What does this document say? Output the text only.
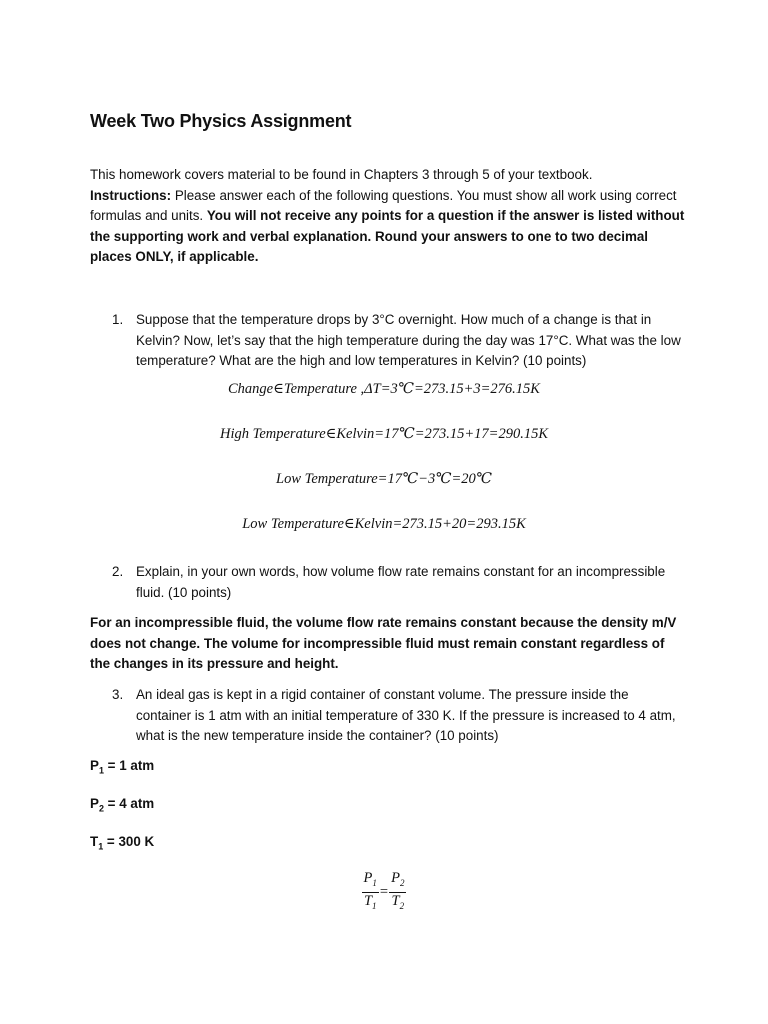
Week Two Physics Assignment
This homework covers material to be found in Chapters 3 through 5 of your textbook.
Instructions: Please answer each of the following questions. You must show all work using correct formulas and units. You will not receive any points for a question if the answer is listed without the supporting work and verbal explanation. Round your answers to one to two decimal places ONLY, if applicable.
1. Suppose that the temperature drops by 3°C overnight. How much of a change is that in Kelvin? Now, let’s say that the high temperature during the day was 17°C. What was the low temperature? What are the high and low temperatures in Kelvin? (10 points)
Change∈Temperature ,ΔT=3℃=273.15+3=276.15K
High Temperature∈Kelvin=17℃=273.15+17=290.15K
Low Temperature=17℃−3℃=20℃
Low Temperature∈Kelvin=273.15+20=293.15K
2. Explain, in your own words, how volume flow rate remains constant for an incompressible fluid. (10 points)
For an incompressible fluid, the volume flow rate remains constant because the density m/V does not change. The volume for incompressible fluid must remain constant regardless of the changes in its pressure and height.
3. An ideal gas is kept in a rigid container of constant volume. The pressure inside the container is 1 atm with an initial temperature of 330 K. If the pressure is increased to 4 atm, what is the new temperature inside the container? (10 points)
$P_1 = 1$ atm
$P_2 = 4$ atm
$T_1 = 300$ K
$\frac{P_1}{T_1} = \frac{P_2}{T_2}$
